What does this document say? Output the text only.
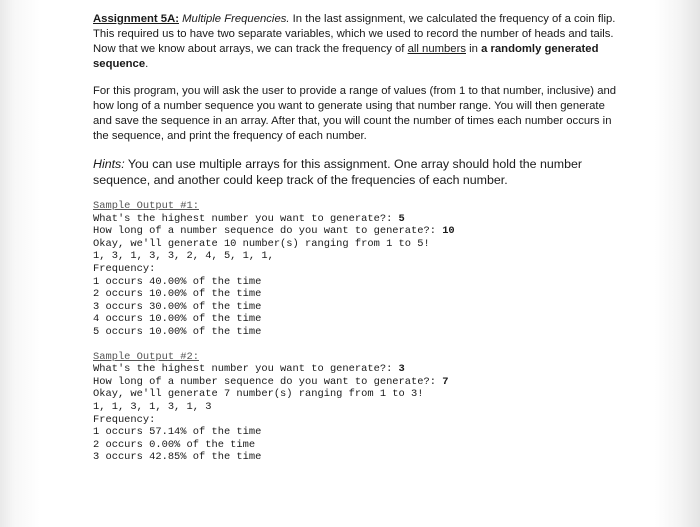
Assignment 5A: Multiple Frequencies. In the last assignment, we calculated the frequency of a coin flip. This required us to have two separate variables, which we used to record the number of heads and tails. Now that we know about arrays, we can track the frequency of all numbers in a randomly generated sequence.

For this program, you will ask the user to provide a range of values (from 1 to that number, inclusive) and how long of a number sequence you want to generate using that number range. You will then generate and save the sequence in an array. After that, you will count the number of times each number occurs in the sequence, and print the frequency of each number.

Hints: You can use multiple arrays for this assignment. One array should hold the number sequence, and another could keep track of the frequencies of each number.

Sample Output #1:
What's the highest number you want to generate?: 5
How long of a number sequence do you want to generate?: 10
Okay, we'll generate 10 number(s) ranging from 1 to 5!
1, 3, 1, 3, 3, 2, 4, 5, 1, 1,
Frequency:
1 occurs 40.00% of the time
2 occurs 10.00% of the time
3 occurs 30.00% of the time
4 occurs 10.00% of the time
5 occurs 10.00% of the time
Sample Output #2:
What's the highest number you want to generate?: 3
How long of a number sequence do you want to generate?: 7
Okay, we'll generate 7 number(s) ranging from 1 to 3!
1, 1, 3, 1, 3, 1, 3
Frequency:
1 occurs 57.14% of the time
2 occurs 0.00% of the time
3 occurs 42.85% of the time
